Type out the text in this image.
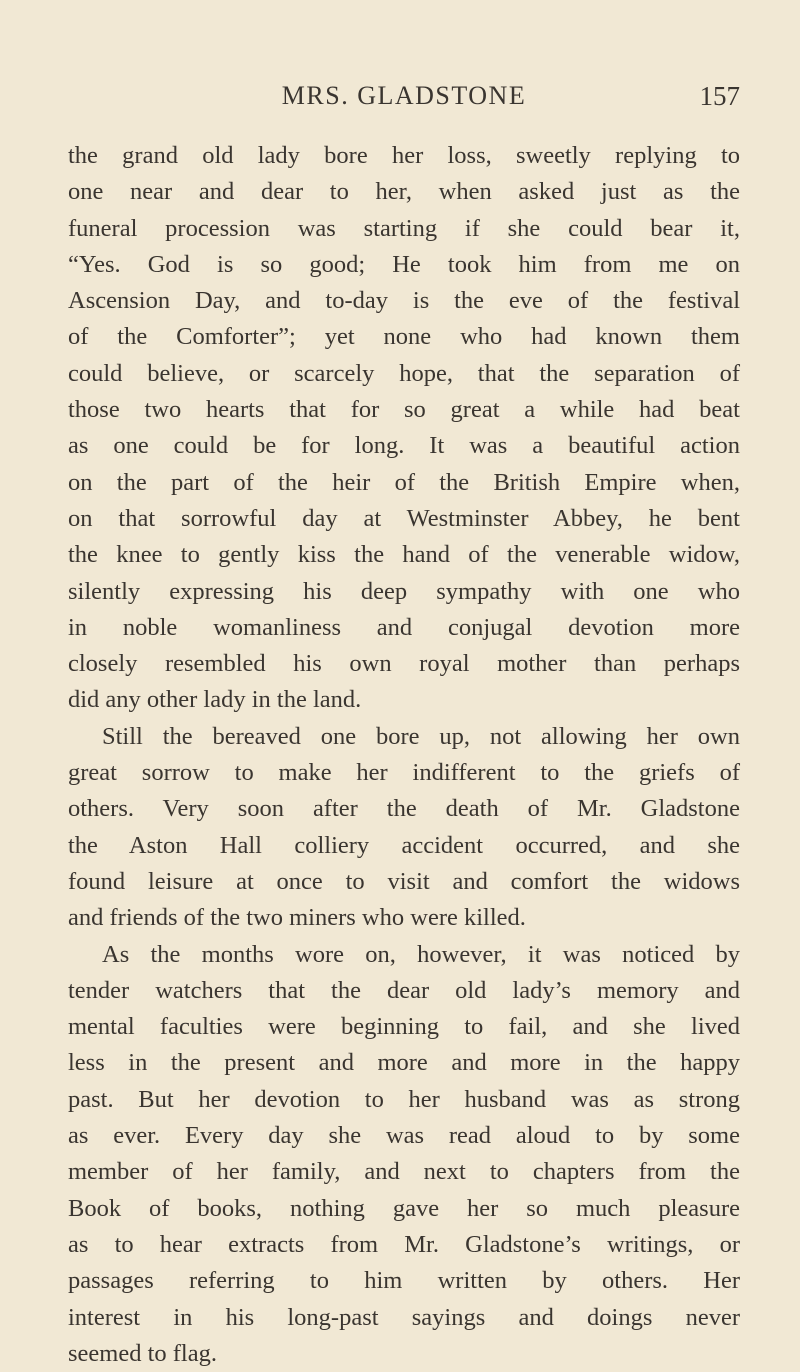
MRS. GLADSTONE	157
the grand old lady bore her loss, sweetly replying to
one near and dear to her, when asked just as the
funeral procession was starting if she could bear it,
“Yes. God is so good; He took him from me on
Ascension Day, and to-day is the eve of the festival
of the Comforter”; yet none who had known them
could believe, or scarcely hope, that the separation of
those two hearts that for so great a while had beat
as one could be for long. It was a beautiful action
on the part of the heir of the British Empire when,
on that sorrowful day at Westminster Abbey, he bent
the knee to gently kiss the hand of the venerable widow,
silently expressing his deep sympathy with one who
in noble womanliness and conjugal devotion more
closely resembled his own royal mother than perhaps
did any other lady in the land.
Still the bereaved one bore up, not allowing her own
great sorrow to make her indifferent to the griefs of
others. Very soon after the death of Mr. Gladstone
the Aston Hall colliery accident occurred, and she
found leisure at once to visit and comfort the widows
and friends of the two miners who were killed.
As the months wore on, however, it was noticed by
tender watchers that the dear old lady’s memory and
mental faculties were beginning to fail, and she lived
less in the present and more and more in the happy
past. But her devotion to her husband was as strong
as ever. Every day she was read aloud to by some
member of her family, and next to chapters from the
Book of books, nothing gave her so much pleasure
as to hear extracts from Mr. Gladstone’s writings, or
passages referring to him written by others. Her
interest in his long-past sayings and doings never
seemed to flag.
